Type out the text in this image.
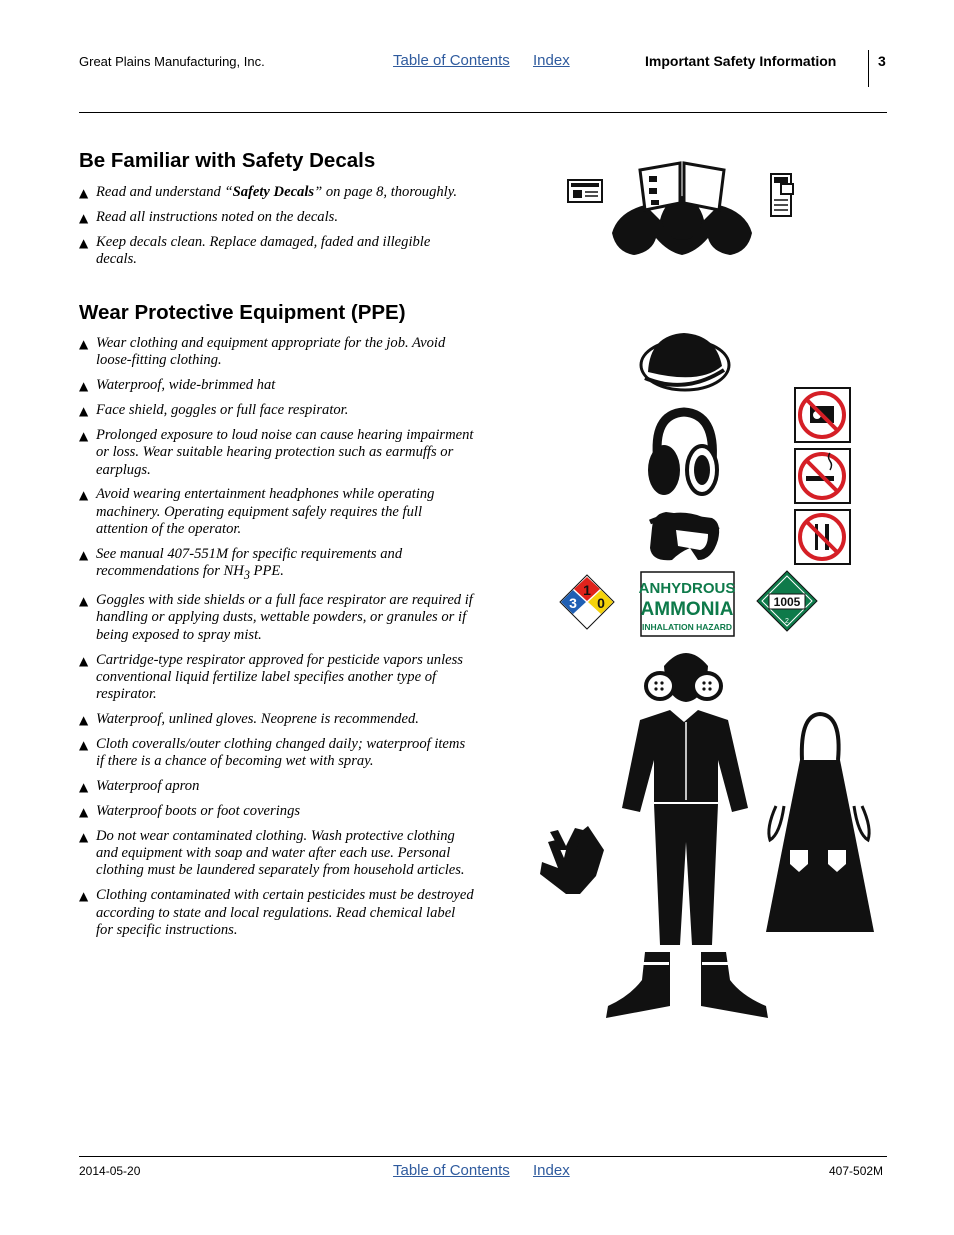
Great Plains Manufacturing, Inc.	Table of Contents Index	Important Safety Information	3
Be Familiar with Safety Decals
▲ Read and understand “Safety Decals” on page 8, thoroughly.
▲ Read all instructions noted on the decals.
▲ Keep decals clean. Replace damaged, faded and illegible decals.
Wear Protective Equipment (PPE)
▲ Wear clothing and equipment appropriate for the job. Avoid loose-fitting clothing.
▲ Waterproof, wide-brimmed hat
▲ Face shield, goggles or full face respirator.
▲ Prolonged exposure to loud noise can cause hearing impairment or loss. Wear suitable hearing protection such as earmuffs or earplugs.
▲ Avoid wearing entertainment headphones while operating machinery. Operating equipment safely requires the full attention of the operator.
▲ See manual 407-551M for specific requirements and recommendations for $NH_3$ PPE.
▲ Goggles with side shields or a full face respirator are required if handling or applying dusts, wettable powders, or granules or if being exposed to spray mist.
▲ Cartridge-type respirator approved for pesticide vapors unless conventional liquid fertilize label specifies another type of respirator.
▲ Waterproof, unlined gloves. Neoprene is recommended.
▲ Cloth coveralls/outer clothing changed daily; waterproof items if there is a chance of becoming wet with spray.
▲ Waterproof apron
▲ Waterproof boots or foot coverings
▲ Do not wear contaminated clothing. Wash protective clothing and equipment with soap and water after each use. Personal clothing must be laundered separately from household articles.
▲ Clothing contaminated with certain pesticides must be destroyed according to state and local regulations. Read chemical label for specific instructions.
1
3 0
ANHYDROUS
AMMONIA
INHALATION HAZARD
1005
2
2014-05-20	Table of Contents Index	407-502M
